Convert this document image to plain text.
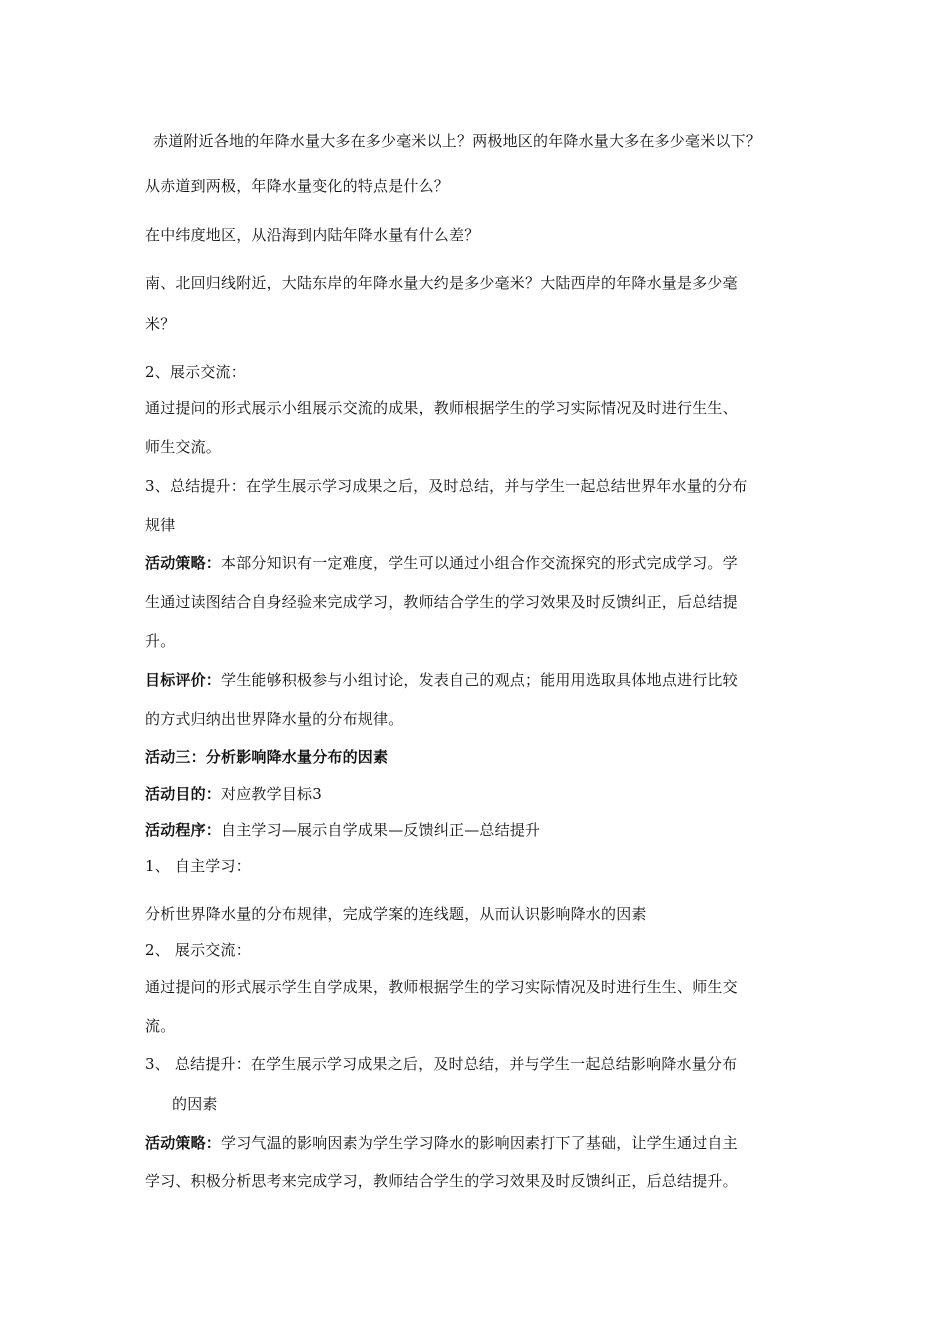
赤道附近各地的年降水量大多在多少毫米以上？两极地区的年降水量大多在多少毫米以下？
从赤道到两极，年降水量变化的特点是什么？
在中纬度地区，从沿海到内陆年降水量有什么差？
南、北回归线附近，大陆东岸的年降水量大约是多少毫米？大陆西岸的年降水量是多少毫
米？
2、展示交流：
通过提问的形式展示小组展示交流的成果，教师根据学生的学习实际情况及时进行生生、
师生交流。
3、总结提升：在学生展示学习成果之后，及时总结，并与学生一起总结世界年水量的分布
规律
活动策略：本部分知识有一定难度，学生可以通过小组合作交流探究的形式完成学习。学
生通过读图结合自身经验来完成学习，教师结合学生的学习效果及时反馈纠正，后总结提
升。
目标评价：学生能够积极参与小组讨论，发表自己的观点；能用用选取具体地点进行比较
的方式归纳出世界降水量的分布规律。
活动三：分析影响降水量分布的因素
活动目的：对应教学目标3
活动程序：自主学习—展示自学成果—反馈纠正—总结提升
1、 自主学习：
分析世界降水量的分布规律，完成学案的连线题，从而认识影响降水的因素
2、 展示交流：
通过提问的形式展示学生自学成果，教师根据学生的学习实际情况及时进行生生、师生交
流。
3、 总结提升：在学生展示学习成果之后，及时总结，并与学生一起总结影响降水量分布
的因素
活动策略：学习气温的影响因素为学生学习降水的影响因素打下了基础，让学生通过自主
学习、积极分析思考来完成学习，教师结合学生的学习效果及时反馈纠正，后总结提升。
